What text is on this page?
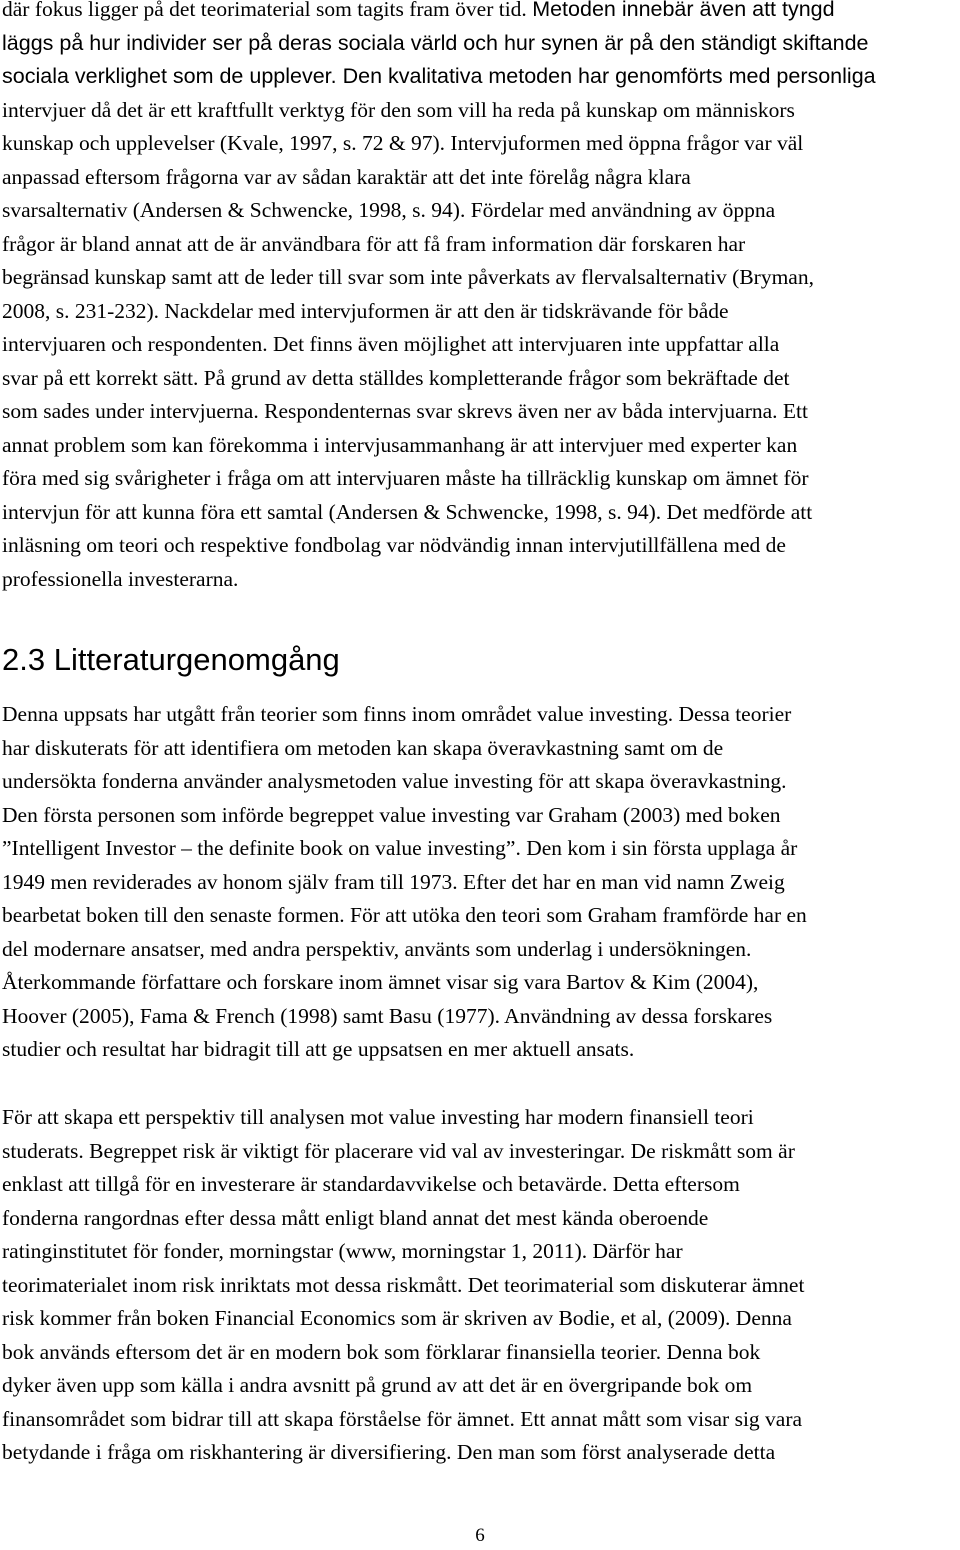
där fokus ligger på det teorimaterial som tagits fram över tid. Metoden innebär även att tyngd
läggs på hur individer ser på deras sociala värld och hur synen är på den ständigt skiftande
sociala verklighet som de upplever. Den kvalitativa metoden har genomförts med personliga
intervjuer då det är ett kraftfullt verktyg för den som vill ha reda på kunskap om människors
kunskap och upplevelser (Kvale, 1997, s. 72 & 97). Intervjuformen med öppna frågor var väl
anpassad eftersom frågorna var av sådan karaktär att det inte förelåg några klara
svarsalternativ (Andersen & Schwencke, 1998, s. 94). Fördelar med användning av öppna
frågor är bland annat att de är användbara för att få fram information där forskaren har
begränsad kunskap samt att de leder till svar som inte påverkats av flervalsalternativ (Bryman,
2008, s. 231-232). Nackdelar med intervjuformen är att den är tidskrävande för både
intervjuaren och respondenten. Det finns även möjlighet att intervjuaren inte uppfattar alla
svar på ett korrekt sätt. På grund av detta ställdes kompletterande frågor som bekräftade det
som sades under intervjuerna. Respondenternas svar skrevs även ner av båda intervjuarna. Ett
annat problem som kan förekomma i intervjusammanhang är att intervjuer med experter kan
föra med sig svårigheter i fråga om att intervjuaren måste ha tillräcklig kunskap om ämnet för
intervjun för att kunna föra ett samtal (Andersen & Schwencke, 1998, s. 94). Det medförde att
inläsning om teori och respektive fondbolag var nödvändig innan intervjutillfällena med de
professionella investerarna.
2.3 Litteraturgenomgång
Denna uppsats har utgått från teorier som finns inom området value investing. Dessa teorier
har diskuterats för att identifiera om metoden kan skapa överavkastning samt om de
undersökta fonderna använder analysmetoden value investing för att skapa överavkastning.
Den första personen som införde begreppet value investing var Graham (2003) med boken
”Intelligent Investor – the definite book on value investing”. Den kom i sin första upplaga år
1949 men reviderades av honom själv fram till 1973. Efter det har en man vid namn Zweig
bearbetat boken till den senaste formen. För att utöka den teori som Graham framförde har en
del modernare ansatser, med andra perspektiv, använts som underlag i undersökningen.
Återkommande författare och forskare inom ämnet visar sig vara Bartov & Kim (2004),
Hoover (2005), Fama & French (1998) samt Basu (1977). Användning av dessa forskares
studier och resultat har bidragit till att ge uppsatsen en mer aktuell ansats.
För att skapa ett perspektiv till analysen mot value investing har modern finansiell teori
studerats. Begreppet risk är viktigt för placerare vid val av investeringar. De riskmått som är
enklast att tillgå för en investerare är standardavvikelse och betavärde. Detta eftersom
fonderna rangordnas efter dessa mått enligt bland annat det mest kända oberoende
ratinginstitutet för fonder, morningstar (www, morningstar 1, 2011). Därför har
teorimaterialet inom risk inriktats mot dessa riskmått. Det teorimaterial som diskuterar ämnet
risk kommer från boken Financial Economics som är skriven av Bodie, et al, (2009). Denna
bok används eftersom det är en modern bok som förklarar finansiella teorier. Denna bok
dyker även upp som källa i andra avsnitt på grund av att det är en övergripande bok om
finansområdet som bidrar till att skapa förståelse för ämnet. Ett annat mått som visar sig vara
betydande i fråga om riskhantering är diversifiering. Den man som först analyserade detta
6
